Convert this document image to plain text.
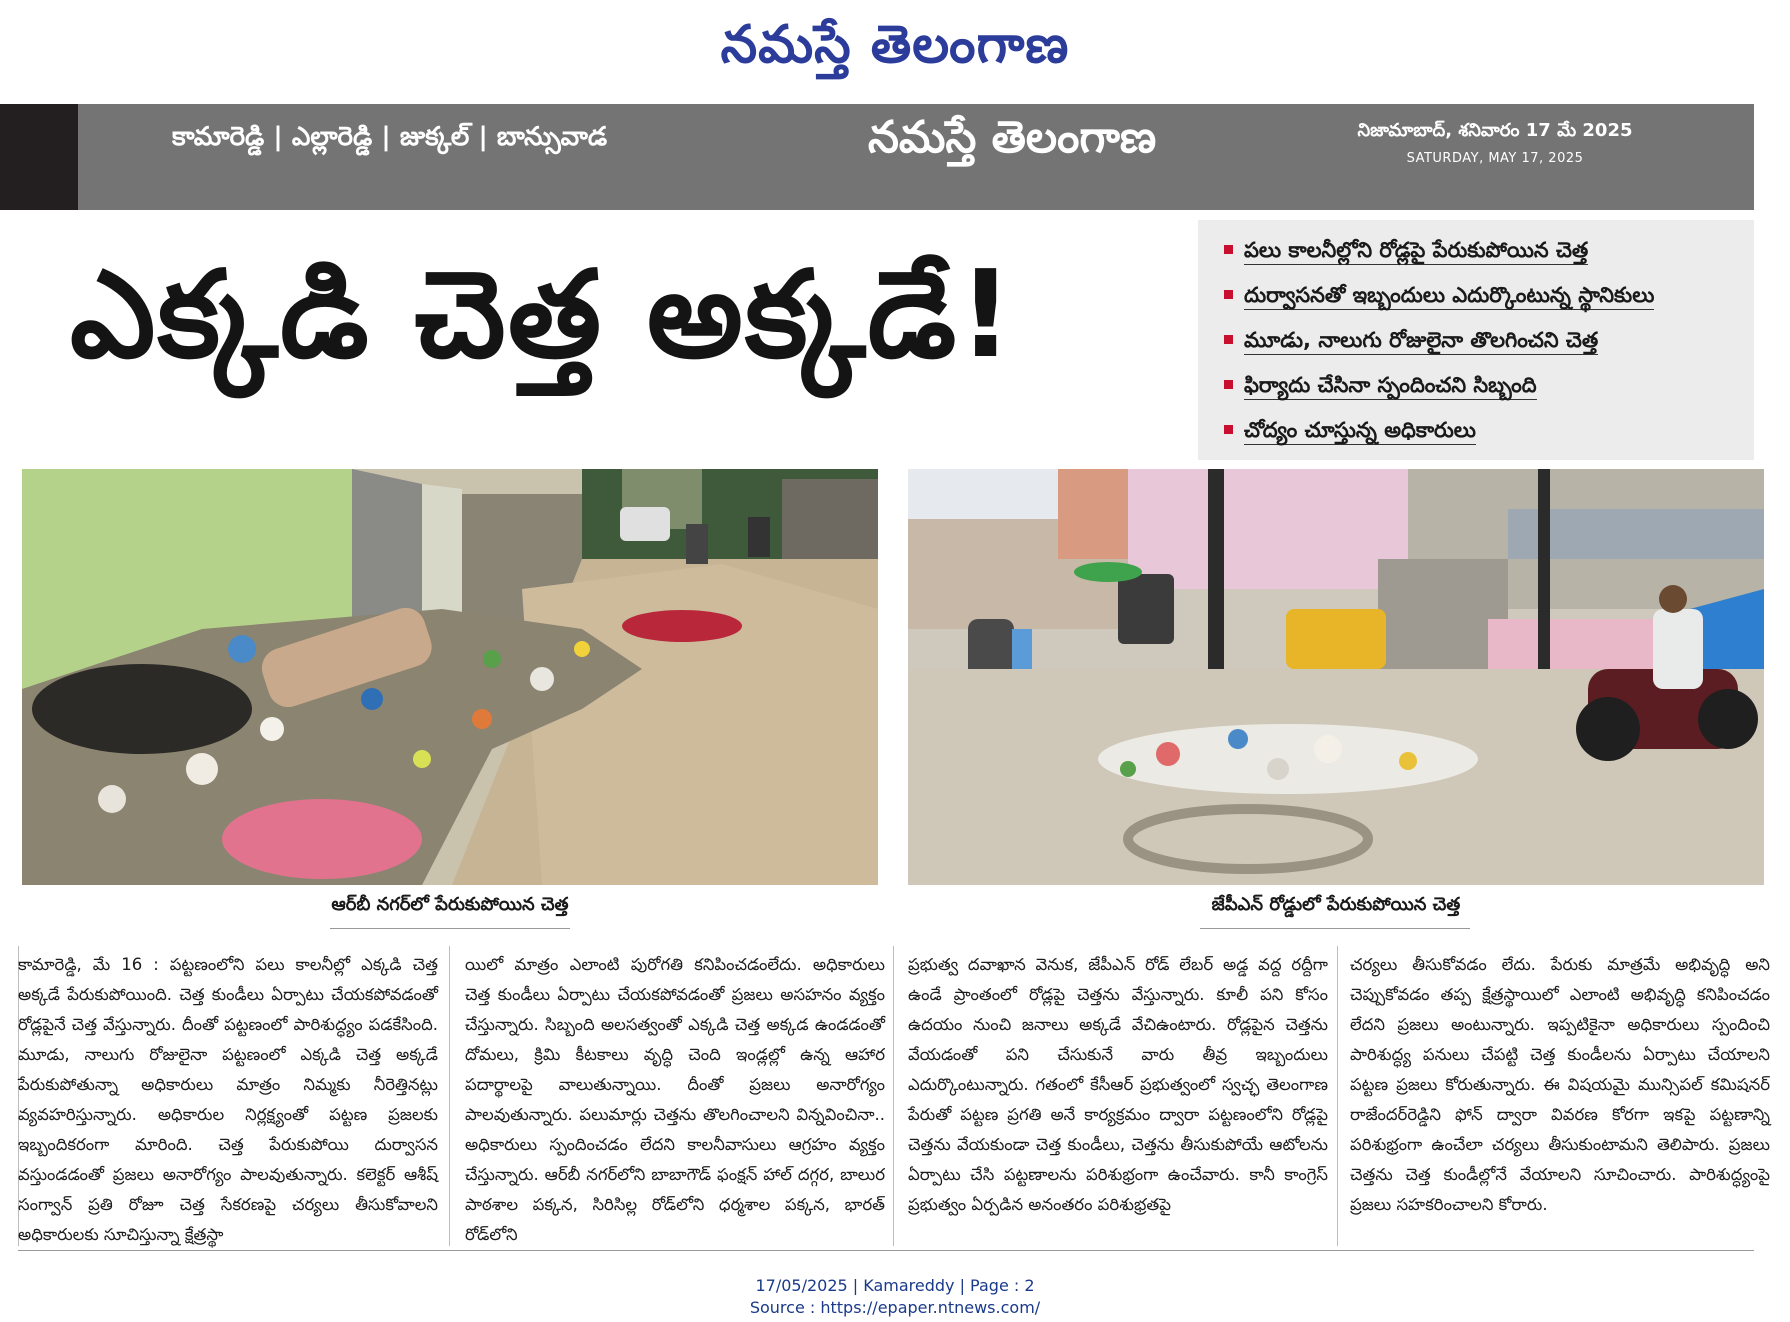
నమస్తే తెలంగాణ
కామారెడ్డి | ఎల్లారెడ్డి | జుక్కల్ | బాన్సువాడ	నమస్తే తెలంగాణ	నిజామాబాద్, శనివారం 17 మే 2025
SATURDAY, MAY 17, 2025
ఎక్కడి చెత్త అక్కడే!	పలు కాలనీల్లోని రోడ్లపై పేరుకుపోయిన చెత్త
దుర్వాసనతో ఇబ్బందులు ఎదుర్కొంటున్న స్థానికులు
మూడు, నాలుగు రోజులైనా తొలగించని చెత్త
ఫిర్యాదు చేసినా స్పందించని సిబ్బంది
చోద్యం చూస్తున్న అధికారులు
ఆర్‌బీ నగర్‌లో పేరుకుపోయిన చెత్త	జేపీఎన్ రోడ్డులో పేరుకుపోయిన చెత్త
కామారెడ్డి, మే 16 : పట్టణంలోని పలు కాలనీల్లో ఎక్కడి చెత్త అక్కడే పేరుకుపోయింది. చెత్త కుండీలు ఏర్పాటు చేయకపోవడంతో రోడ్లపైనే చెత్త వేస్తున్నారు. దీంతో పట్టణంలో పారిశుద్ధ్యం పడకేసింది. మూడు, నాలుగు రోజులైనా పట్టణంలో ఎక్కడి చెత్త అక్కడే పేరుకుపోతున్నా అధికారులు మాత్రం నిమ్మకు నీరెత్తినట్లు వ్యవహరిస్తున్నారు. అధికారుల నిర్లక్ష్యంతో పట్టణ ప్రజలకు ఇబ్బందికరంగా మారింది. చెత్త పేరుకుపోయి దుర్వాసన వస్తుండడంతో ప్రజలు అనారోగ్యం పాలవుతున్నారు. కలెక్టర్ ఆశీష్ సంగ్వాన్ ప్రతి రోజూ చెత్త సేకరణపై చర్యలు తీసుకోవాలని అధికారులకు సూచిస్తున్నా క్షేత్రస్థా
యిలో మాత్రం ఎలాంటి పురోగతి కనిపించడంలేదు. అధికారులు చెత్త కుండీలు ఏర్పాటు చేయకపోవడంతో ప్రజలు అసహనం వ్యక్తం చేస్తున్నారు. సిబ్బంది అలసత్వంతో ఎక్కడి చెత్త అక్కడ ఉండడంతో దోమలు, క్రిమి కీటకాలు వృద్ధి చెంది ఇండ్లల్లో ఉన్న ఆహార పదార్థాలపై వాలుతున్నాయి. దీంతో ప్రజలు అనారోగ్యం పాలవుతున్నారు. పలుమార్లు చెత్తను తొలగించాలని విన్నవించినా.. అధికారులు స్పందించడం లేదని కాలనీవాసులు ఆగ్రహం వ్యక్తం చేస్తున్నారు. ఆర్‌బీ నగర్‌లోని బాబాగౌడ్ ఫంక్షన్ హాల్ దగ్గర, బాలుర పాఠశాల పక్కన, సిరిసిల్ల రోడ్‌లోని ధర్మశాల పక్కన, భారత్ రోడ్‌లోని
ప్రభుత్వ దవాఖాన వెనుక, జేపీఎన్ రోడ్ లేబర్ అడ్డ వద్ద రద్దీగా ఉండే ప్రాంతంలో రోడ్లపై చెత్తను వేస్తున్నారు. కూలీ పని కోసం ఉదయం నుంచి జనాలు అక్కడే వేచిఉంటారు. రోడ్లపైన చెత్తను వేయడంతో పని చేసుకునే వారు తీవ్ర ఇబ్బందులు ఎదుర్కొంటున్నారు. గతంలో కేసీఆర్ ప్రభుత్వంలో స్వచ్ఛ తెలంగాణ పేరుతో పట్టణ ప్రగతి అనే కార్యక్రమం ద్వారా పట్టణంలోని రోడ్లపై చెత్తను వేయకుండా చెత్త కుండీలు, చెత్తను తీసుకుపోయే ఆటోలను ఏర్పాటు చేసి పట్టణాలను పరిశుభ్రంగా ఉంచేవారు. కానీ కాంగ్రెస్ ప్రభుత్వం ఏర్పడిన అనంతరం పరిశుభ్రతపై
చర్యలు తీసుకోవడం లేదు. పేరుకు మాత్రమే అభివృద్ధి అని చెప్పుకోవడం తప్ప క్షేత్రస్థాయిలో ఎలాంటి అభివృద్ధి కనిపించడం లేదని ప్రజలు అంటున్నారు. ఇప్పటికైనా అధికారులు స్పందించి పారిశుద్ధ్య పనులు చేపట్టి చెత్త కుండీలను ఏర్పాటు చేయాలని పట్టణ ప్రజలు కోరుతున్నారు. ఈ విషయమై మున్సిపల్ కమిషనర్ రాజేందర్‌రెడ్డిని ఫోన్ ద్వారా వివరణ కోరగా ఇకపై పట్టణాన్ని పరిశుభ్రంగా ఉంచేలా చర్యలు తీసుకుంటామని తెలిపారు. ప్రజలు చెత్తను చెత్త కుండీల్లోనే వేయాలని సూచించారు. పారిశుద్ధ్యంపై ప్రజలు సహకరించాలని కోరారు.
17/05/2025 | Kamareddy | Page : 2
Source : https://epaper.ntnews.com/
